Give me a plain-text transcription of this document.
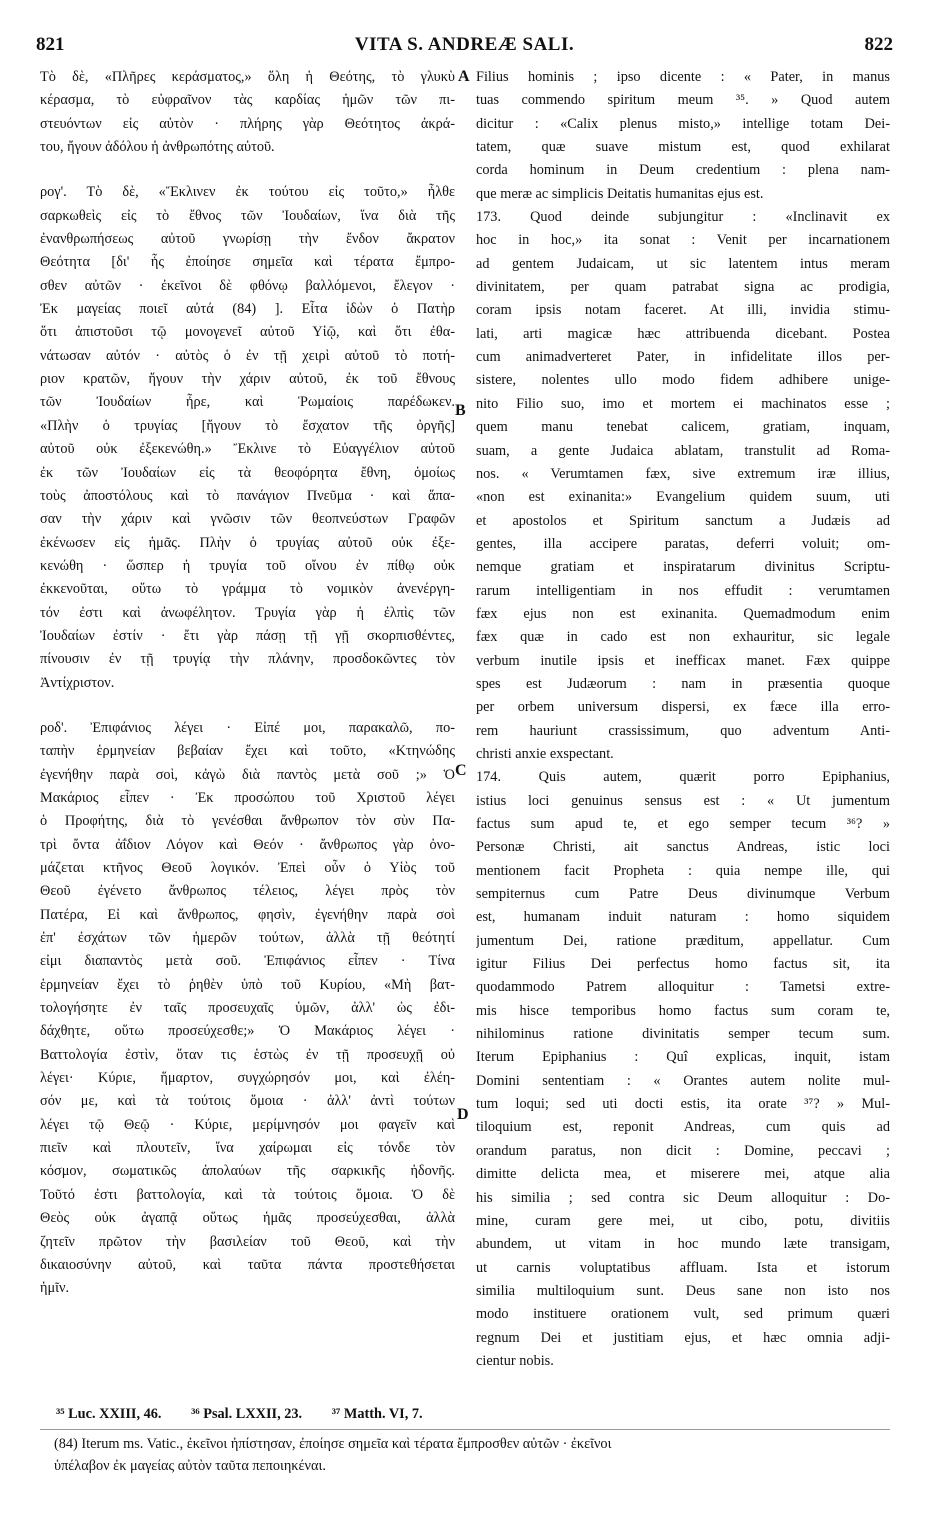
821	VITA S. ANDREÆ SALI.	822
Τὸ δὲ, «Πλῆρες κεράσματος,» ὅλη ἡ Θεότης, τὸ γλυκὺ
κέρασμα, τὸ εὐφραῖνον τὰς καρδίας ἡμῶν τῶν πι-
στευόντων εἰς αὐτὸν · πλήρης γὰρ Θεότητος ἀκρά-
του, ἤγουν ἀδόλου ἡ ἀνθρωπότης αὐτοῦ.
ρογ'. Τὸ δὲ, «Ἔκλινεν ἐκ τούτου εἰς τοῦτο,» ἦλθε
σαρκωθεὶς εἰς τὸ ἔθνος τῶν Ἰουδαίων, ἵνα διὰ τῆς
ἐνανθρωπήσεως αὐτοῦ γνωρίσῃ τὴν ἔνδον ἄκρατον
Θεότητα [δι' ἧς ἐποίησε σημεῖα καὶ τέρατα ἔμπρο-
σθεν αὐτῶν · ἐκεῖνοι δὲ φθόνῳ βαλλόμενοι, ἔλεγον ·
Ἐκ μαγείας ποιεῖ αὐτά (84) ]. Εἶτα ἰδὼν ὁ Πατὴρ
ὅτι ἀπιστοῦσι τῷ μονογενεῖ αὐτοῦ Υἱῷ, καὶ ὅτι ἐθα-
νάτωσαν αὐτόν · αὐτὸς ὁ ἐν τῇ χειρὶ αὐτοῦ τὸ ποτή-
ριον κρατῶν, ἤγουν τὴν χάριν αὐτοῦ, ἐκ τοῦ ἔθνους
τῶν Ἰουδαίων ἦρε, καὶ Ῥωμαίοις παρέδωκεν.
«Πλὴν ὁ τρυγίας [ἤγουν τὸ ἔσχατον τῆς ὀργῆς]
αὐτοῦ οὐκ ἐξεκενώθη.» Ἔκλινε τὸ Εὐαγγέλιον αὐτοῦ
ἐκ τῶν Ἰουδαίων εἰς τὰ θεοφόρητα ἔθνη, ὁμοίως
τοὺς ἀποστόλους καὶ τὸ πανάγιον Πνεῦμα · καὶ ἅπα-
σαν τὴν χάριν καὶ γνῶσιν τῶν θεοπνεύστων Γραφῶν
ἐκένωσεν εἰς ἡμᾶς. Πλὴν ὁ τρυγίας αὐτοῦ οὐκ ἐξε-
κενώθη · ὥσπερ ἡ τρυγία τοῦ οἴνου ἐν πίθῳ οὐκ
ἐκκενοῦται, οὕτω τὸ γράμμα τὸ νομικὸν ἀνενέργη-
τόν ἐστι καὶ ἀνωφέλητον. Τρυγία γὰρ ἡ ἐλπὶς τῶν
Ἰουδαίων ἐστίν · ἔτι γὰρ πάσῃ τῇ γῇ σκορπισθέντες,
πίνουσιν ἐν τῇ τρυγίᾳ τὴν πλάνην, προσδοκῶντες τὸν
Ἀντίχριστον.
ροδ'. Ἐπιφάνιος λέγει · Εἰπέ μοι, παρακαλῶ, πο-
ταπὴν ἑρμηνείαν βεβαίαν ἔχει καὶ τοῦτο, «Κτηνώδης
ἐγενήθην παρὰ σοὶ, κἀγὼ διὰ παντὸς μετὰ σοῦ ;» Ὁ
Μακάριος εἶπεν · Ἐκ προσώπου τοῦ Χριστοῦ λέγει
ὁ Προφήτης, διὰ τὸ γενέσθαι ἄνθρωπον τὸν σὺν Πα-
τρὶ ὄντα ἀΐδιον Λόγον καὶ Θεόν · ἄνθρωπος γὰρ ὀνο-
μάζεται κτῆνος Θεοῦ λογικόν. Ἐπεὶ οὖν ὁ Υἱὸς τοῦ
Θεοῦ ἐγένετο ἄνθρωπος τέλειος, λέγει πρὸς τὸν
Πατέρα, Εἰ καὶ ἄνθρωπος, φησὶν, ἐγενήθην παρὰ σοὶ
ἐπ' ἐσχάτων τῶν ἡμερῶν τούτων, ἀλλὰ τῇ θεότητί
εἰμι διαπαντὸς μετὰ σοῦ. Ἐπιφάνιος εἶπεν · Τίνα
ἑρμηνείαν ἔχει τὸ ῥηθὲν ὑπὸ τοῦ Κυρίου, «Μὴ βατ-
τολογήσητε ἐν ταῖς προσευχαῖς ὑμῶν, ἀλλ' ὡς ἐδι-
δάχθητε, οὕτω προσεύχεσθε;» Ὁ Μακάριος λέγει ·
Βαττολογία ἐστὶν, ὅταν τις ἑστὼς ἐν τῇ προσευχῇ οὐ
λέγει· Κύριε, ἥμαρτον, συγχώρησόν μοι, καὶ ἐλέη-
σόν με, καὶ τὰ τούτοις ὅμοια · ἀλλ' ἀντὶ τούτων
λέγει τῷ Θεῷ · Κύριε, μερίμνησόν μοι φαγεῖν καὶ
πιεῖν καὶ πλουτεῖν, ἵνα χαίρωμαι εἰς τόνδε τὸν
κόσμον, σωματικῶς ἀπολαύων τῆς σαρκικῆς ἡδονῆς.
Τοῦτό ἐστι βαττολογία, καὶ τὰ τούτοις ὅμοια. Ὁ δὲ
Θεὸς οὐκ ἀγαπᾷ οὕτως ἡμᾶς προσεύχεσθαι, ἀλλὰ
ζητεῖν πρῶτον τὴν βασιλείαν τοῦ Θεοῦ, καὶ τὴν
δικαιοσύνην αὐτοῦ, καὶ ταῦτα πάντα προστεθήσεται
ἡμῖν.
Filius hominis ; ipso dicente : « Pater, in manus
tuas commendo spiritum meum ³⁵. » Quod autem
dicitur : «Calix plenus misto,» intellige totam Dei-
tatem, quæ suave mistum est, quod exhilarat
corda hominum in Deum credentium : plena nam-
que meræ ac simplicis Deitatis humanitas ejus est.
173. Quod deinde subjungitur : «Inclinavit ex
hoc in hoc,» ita sonat : Venit per incarnationem
ad gentem Judaicam, ut sic latentem intus meram
divinitatem, per quam patrabat signa ac prodigia,
coram ipsis notam faceret. At illi, invidia stimu-
lati, arti magicæ hæc attribuenda dicebant. Postea
cum animadverteret Pater, in infidelitate illos per-
sistere, nolentes ullo modo fidem adhibere unige-
nito Filio suo, imo et mortem ei machinatos esse ;
quem manu tenebat calicem, gratiam, inquam,
suam, a gente Judaica ablatam, transtulit ad Roma-
nos. « Verumtamen fæx, sive extremum iræ illius,
«non est exinanita:» Evangelium quidem suum, uti
et apostolos et Spiritum sanctum a Judæis ad
gentes, illa accipere paratas, deferri voluit; om-
nemque gratiam et inspiratarum divinitus Scriptu-
rarum intelligentiam in nos effudit : verumtamen
fæx ejus non est exinanita. Quemadmodum enim
fæx quæ in cado est non exhauritur, sic legale
verbum inutile ipsis et inefficax manet. Fæx quippe
spes est Judæorum : nam in præsentia quoque
per orbem universum dispersi, ex fæce illa erro-
rem hauriunt crassissimum, quo adventum Anti-
christi anxie exspectant.
174. Quis autem, quærit porro Epiphanius,
istius loci genuinus sensus est : « Ut jumentum
factus sum apud te, et ego semper tecum ³⁶? »
Personæ Christi, ait sanctus Andreas, istic loci
mentionem facit Propheta : quia nempe ille, qui
sempiternus cum Patre Deus divinumque Verbum
est, humanam induit naturam : homo siquidem
jumentum Dei, ratione præditum, appellatur. Cum
igitur Filius Dei perfectus homo factus sit, ita
quodammodo Patrem alloquitur : Tametsi extre-
mis hisce temporibus homo factus sum coram te,
nihilominus ratione divinitatis semper tecum sum.
Iterum Epiphanius : Quî explicas, inquit, istam
Domini sententiam : « Orantes autem nolite mul-
tum loqui; sed uti docti estis, ita orate ³⁷? » Mul-
tiloquium est, reponit Andreas, cum quis ad
orandum paratus, non dicit : Domine, peccavi ;
dimitte delicta mea, et miserere mei, atque alia
his similia ; sed contra sic Deum alloquitur : Do-
mine, curam gere mei, ut cibo, potu, divitiis
abundem, ut vitam in hoc mundo læte transigam,
ut carnis voluptatibus affluam. Ista et istorum
similia multiloquium sunt. Deus sane non isto nos
modo instituere orationem vult, sed primum quæri
regnum Dei et justitiam ejus, et hæc omnia adji-
cientur nobis.
A
B
C
D
³⁵ Luc. XXIII, 46. ³⁶ Psal. LXXII, 23. ³⁷ Matth. VI, 7.
(84) Iterum ms. Vatic., ἐκεῖνοι ἠπίστησαν, ἐποίησε σημεῖα καὶ τέρατα ἔμπροσθεν αὐτῶν · ἐκεῖνοι
ὑπέλαβον ἐκ μαγείας αὐτὸν ταῦτα πεποιηκέναι.
